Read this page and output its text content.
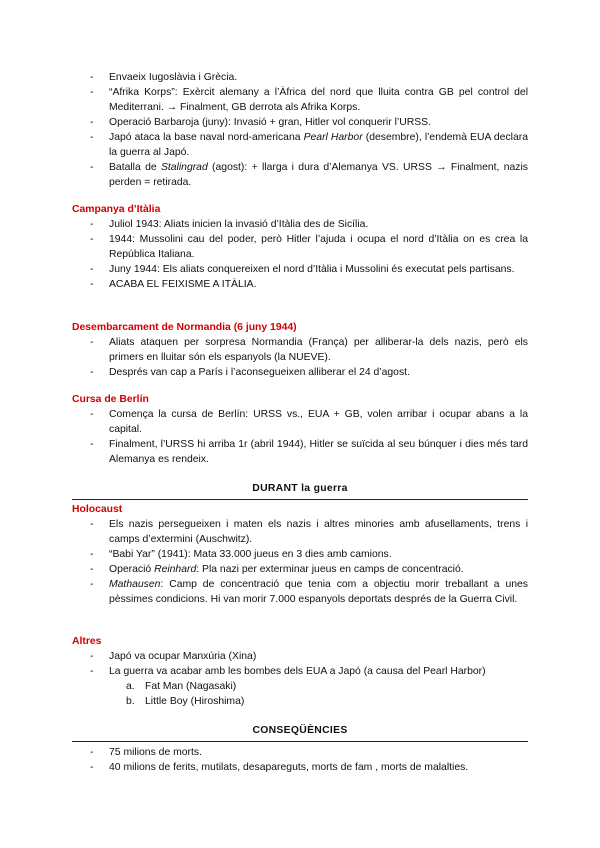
- Envaeix Iugoslàvia i Grècia.
- “Afrika Korps”: Exèrcit alemany a l’Àfrica del nord que lluita contra GB pel control del Mediterrani. → Finalment, GB derrota als Afrika Korps.
- Operació Barbaroja (juny): Invasió + gran, Hitler vol conquerir l’URSS.
- Japó ataca la base naval nord-americana Pearl Harbor (desembre), l’endemà EUA declara la guerra al Japó.
- Batalla de Stalingrad (agost): + llarga i dura d’Alemanya VS. URSS → Finalment, nazis perden = retirada.
Campanya d’Itàlia
- Juliol 1943: Aliats inicien la invasió d’Itàlia des de Sicília.
- 1944: Mussolini cau del poder, però Hitler l’ajuda i ocupa el nord d’Itàlia on es crea la República Italiana.
- Juny 1944: Els aliats conquereixen el nord d’Itàlia i Mussolini és executat pels partisans.
- ACABA EL FEIXISME A ITÀLIA.
Desembarcament de Normandia (6 juny 1944)
- Aliats ataquen per sorpresa Normandia (França) per alliberar-la dels nazis, però els primers en lluitar són els espanyols (la NUEVE).
- Després van cap a París i l’aconsegueixen alliberar el 24 d’agost.
Cursa de Berlín
- Comença la cursa de Berlín: URSS vs., EUA + GB, volen arribar i ocupar abans a la capital.
- Finalment, l’URSS hi arriba 1r (abril 1944), Hitler se suïcida al seu búnquer i dies més tard Alemanya es rendeix.
DURANT la guerra
Holocaust
- Els nazis persegueixen i maten els nazis i altres minories amb afusellaments, trens i camps d’extermini (Auschwitz).
- “Babi Yar” (1941): Mata 33.000 jueus en 3 dies amb camions.
- Operació Reinhard: Pla nazi per exterminar jueus en camps de concentració.
- Mathausen: Camp de concentració que tenia com a objectiu morir treballant a unes pèssimes condicions. Hi van morir 7.000 espanyols deportats després de la Guerra Civil.
Altres
- Japó va ocupar Manxúria (Xina)
- La guerra va acabar amb les bombes dels EUA a Japó (a causa del Pearl Harbor)
a. Fat Man (Nagasaki)
b. Little Boy (Hiroshima)
CONSEQÜÈNCIES
- 75 milions de morts.
- 40 milions de ferits, mutilats, desapareguts, morts de fam , morts de malalties.
